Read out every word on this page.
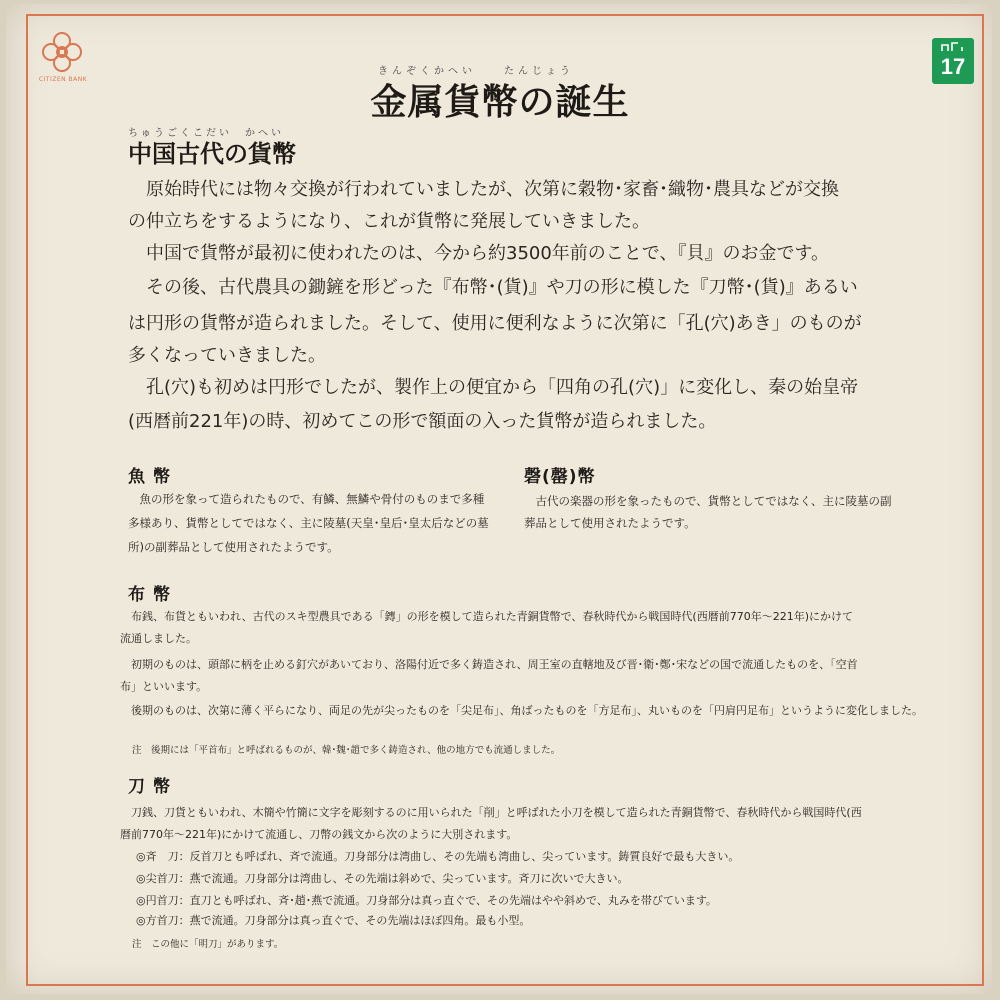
CITIZEN BANK
17
きんぞくかへい　　たんじょう
金属貨幣の誕生
ちゅうごくこだい　かへい
中国古代の貨幣
　原始時代には物々交換が行われていましたが、次第に穀物･家畜･織物･農具などが交換
の仲立ちをするようになり、これが貨幣に発展していきました。
　中国で貨幣が最初に使われたのは、今から約3500年前のことで、『貝』のお金です。
　その後、古代農具の鋤鏟を形どった『布幣･(貨)』や刀の形に模した『刀幣･(貨)』あるい
は円形の貨幣が造られました。そして、使用に便利なように次第に「孔(穴)あき」のものが
多くなっていきました。
　孔(穴)も初めは円形でしたが、製作上の便宜から「四角の孔(穴)」に変化し、秦の始皇帝
(西暦前221年)の時、初めてこの形で額面の入った貨幣が造られました。
魚幣
　魚の形を象って造られたもので、有鱗、無鱗や骨付のものまで多種
多様あり、貨幣としてではなく、主に陵墓(天皇･皇后･皇太后などの墓
所)の副葬品として使用されたようです。
磬(罄)幣
　古代の楽器の形を象ったもので、貨幣としてではなく、主に陵墓の副
葬品として使用されたようです。
布幣
　布銭、布貨ともいわれ、古代のスキ型農具である「鏄」の形を模して造られた青銅貨幣で、春秋時代から戦国時代(西暦前770年〜221年)にかけて
流通しました。
　初期のものは、頭部に柄を止める釘穴があいており、洛陽付近で多く鋳造され、周王室の直轄地及び晋･衛･鄭･宋などの国で流通したものを、「空首
布」といいます。
　後期のものは、次第に薄く平らになり、両足の先が尖ったものを「尖足布」、角ばったものを「方足布」、丸いものを「円肩円足布」というように変化しました。
注　後期には「平首布」と呼ばれるものが、韓･魏･趙で多く鋳造され、他の地方でも流通しました。
刀幣
　刀銭、刀貨ともいわれ、木簡や竹簡に文字を彫刻するのに用いられた「削」と呼ばれた小刀を模して造られた青銅貨幣で、春秋時代から戦国時代(西
暦前770年〜221年)にかけて流通し、刀幣の銭文から次のように大別されます。
◎斉　刀：反首刀とも呼ばれ、斉で流通。刀身部分は湾曲し、その先端も湾曲し、尖っています。鋳質良好で最も大きい。
◎尖首刀：燕で流通。刀身部分は湾曲し、その先端は斜めで、尖っています。斉刀に次いで大きい。
◎円首刀：直刀とも呼ばれ、斉･趙･燕で流通。刀身部分は真っ直ぐで、その先端はやや斜めで、丸みを帯びています。
◎方首刀：燕で流通。刀身部分は真っ直ぐで、その先端はほぼ四角。最も小型。
注　この他に「明刀」があります。
